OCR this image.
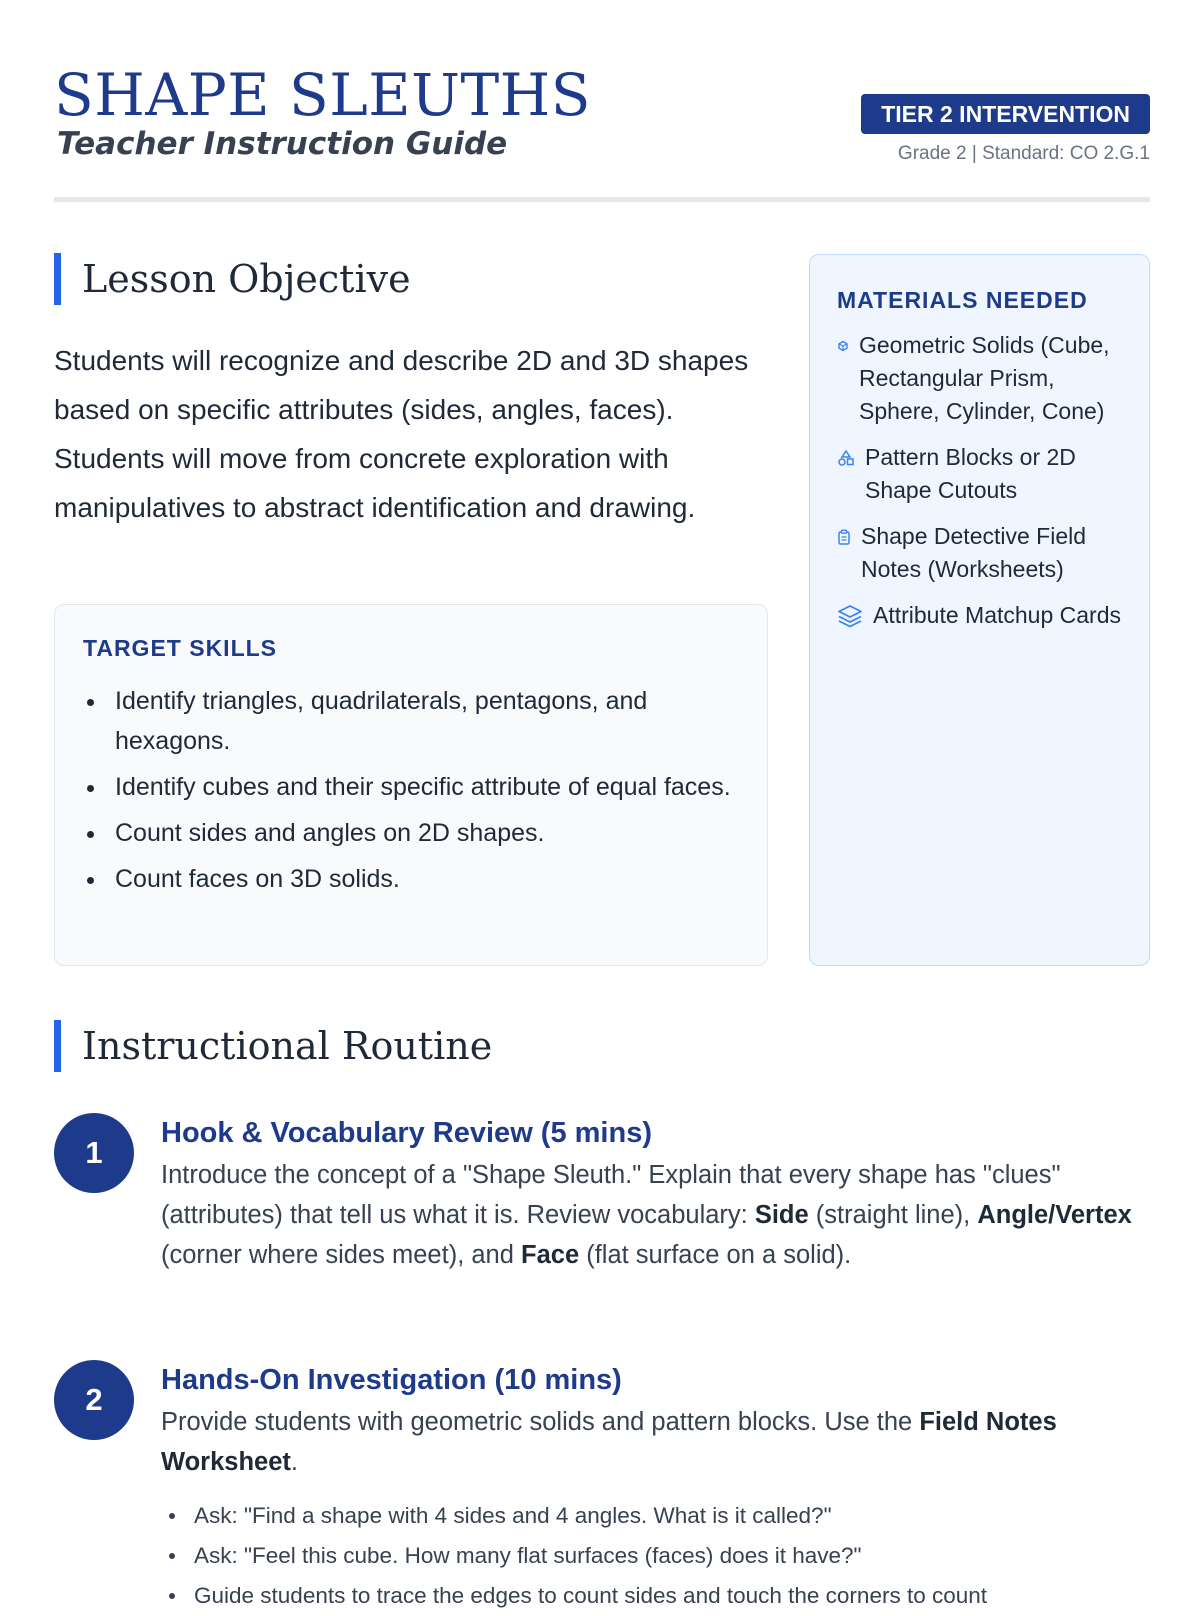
SHAPE SLEUTHS
Teacher Instruction Guide
TIER 2 INTERVENTION
Grade 2 | Standard: CO 2.G.1
Lesson Objective

Students will recognize and describe 2D and 3D shapes based on specific attributes (sides, angles, faces). Students will move from concrete exploration with manipulatives to abstract identification and drawing.

TARGET SKILLS
Identify triangles, quadrilaterals, pentagons, and hexagons.
Identify cubes and their specific attribute of equal faces.
Count sides and angles on 2D shapes.
Count faces on 3D solids.
MATERIALS NEEDED
Geometric Solids (Cube, Rectangular Prism, Sphere, Cylinder, Cone)
Pattern Blocks or 2D Shape Cutouts
Shape Detective Field Notes (Worksheets)
Attribute Matchup Cards
Instructional Routine
1
Hook & Vocabulary Review (5 mins)

Introduce the concept of a "Shape Sleuth." Explain that every shape has "clues" (attributes) that tell us what it is. Review vocabulary: Side (straight line), Angle/Vertex (corner where sides meet), and Face (flat surface on a solid).

2
Hands-On Investigation (10 mins)

Provide students with geometric solids and pattern blocks. Use the Field Notes Worksheet.

Ask: "Find a shape with 4 sides and 4 angles. What is it called?"
Ask: "Feel this cube. How many flat surfaces (faces) does it have?"
Guide students to trace the edges to count sides and touch the corners to count
